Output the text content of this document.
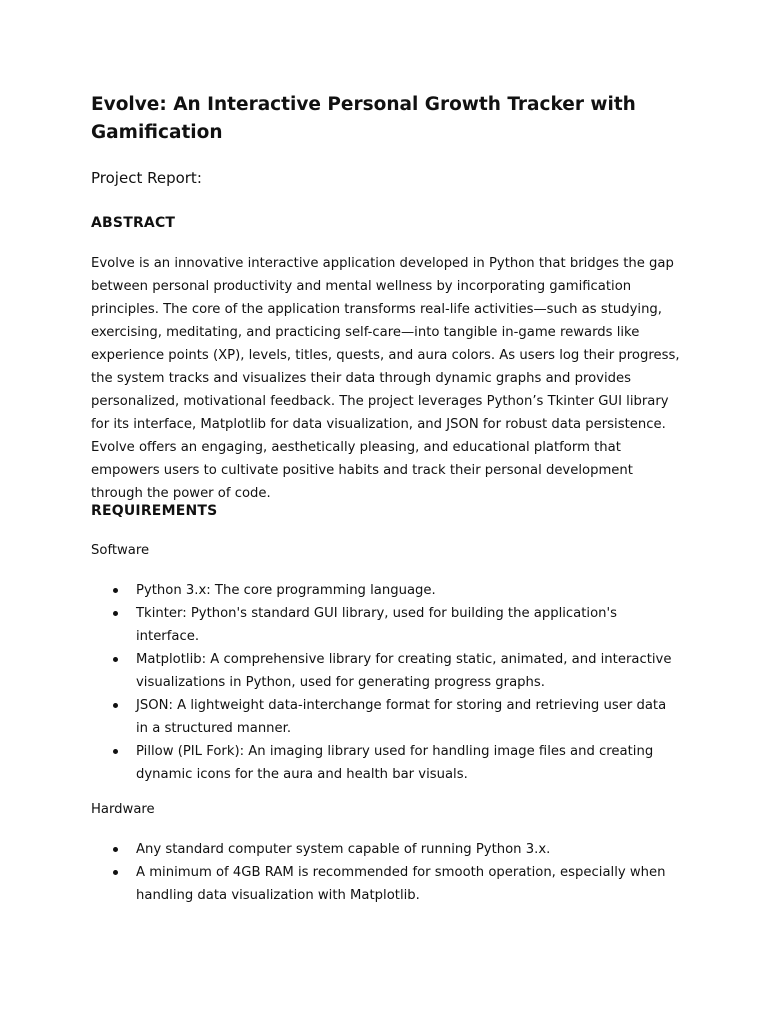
Evolve: An Interactive Personal Growth Tracker with Gamification

Project Report:

ABSTRACT

Evolve is an innovative interactive application developed in Python that bridges the gap between personal productivity and mental wellness by incorporating gamification principles. The core of the application transforms real-life activities—such as studying, exercising, meditating, and practicing self-care—into tangible in-game rewards like experience points (XP), levels, titles, quests, and aura colors. As users log their progress, the system tracks and visualizes their data through dynamic graphs and provides personalized, motivational feedback. The project leverages Python’s Tkinter GUI library for its interface, Matplotlib for data visualization, and JSON for robust data persistence. Evolve offers an engaging, aesthetically pleasing, and educational platform that empowers users to cultivate positive habits and track their personal development through the power of code.

REQUIREMENTS

Software

Python 3.x: The core programming language.
Tkinter: Python's standard GUI library, used for building the application's interface.
Matplotlib: A comprehensive library for creating static, animated, and interactive visualizations in Python, used for generating progress graphs.
JSON: A lightweight data-interchange format for storing and retrieving user data in a structured manner.
Pillow (PIL Fork): An imaging library used for handling image files and creating dynamic icons for the aura and health bar visuals.

Hardware

Any standard computer system capable of running Python 3.x.
A minimum of 4GB RAM is recommended for smooth operation, especially when handling data visualization with Matplotlib.
